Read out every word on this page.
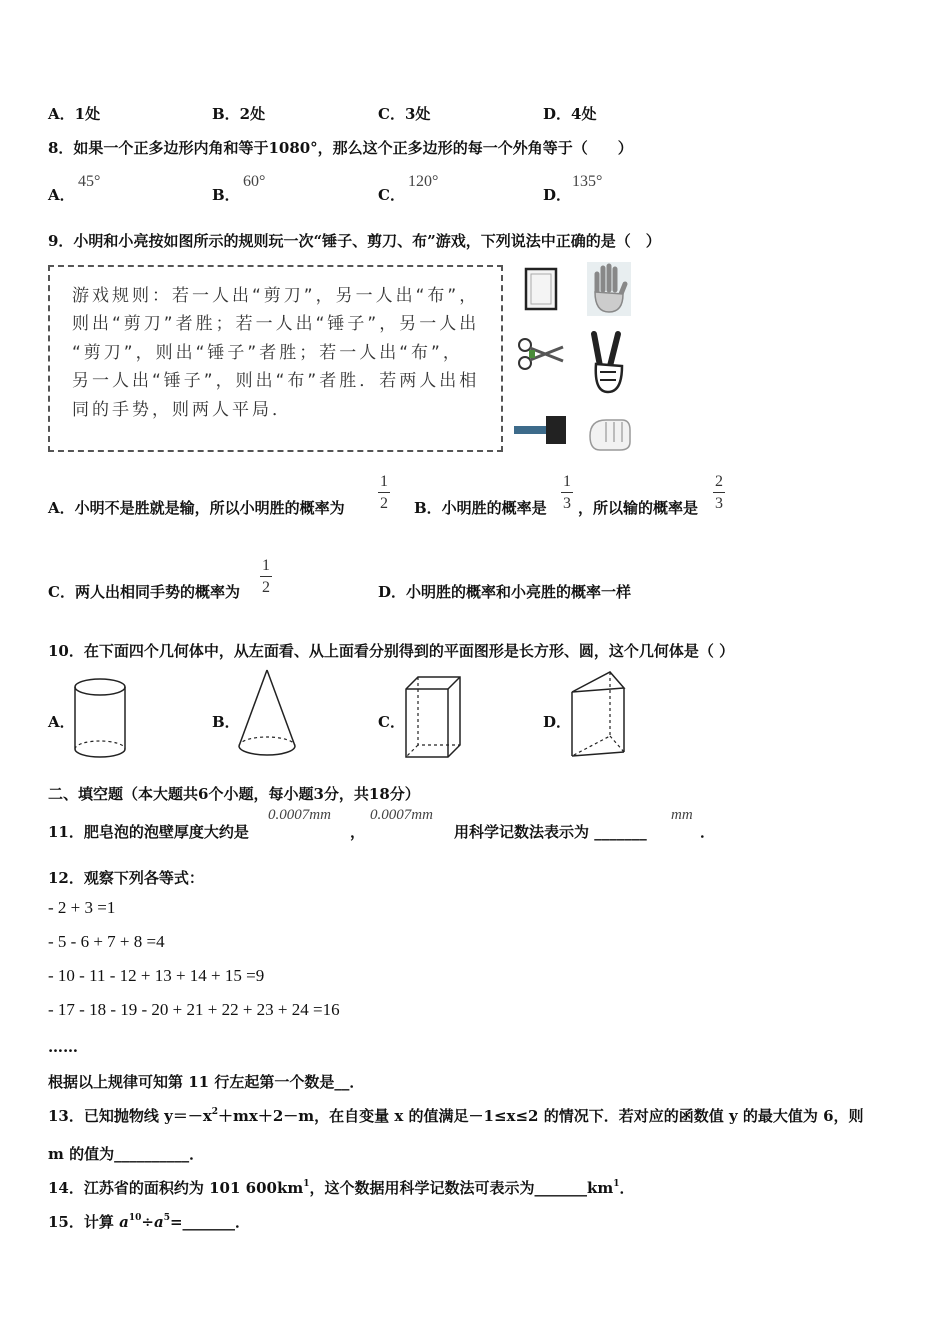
A．1处	B．2处	C．3处	D．4处
8．如果一个正多边形内角和等于1080°，那么这个正多边形的每一个外角等于（　　）
A．
45°
B．
60°
C．
120°
D．
135°
9．小明和小亮按如图所示的规则玩一次“锤子、剪刀、布”游戏，下列说法中正确的是（　）
游戏规则：若一人出“剪刀”，另一人出“布”，
则出“剪刀”者胜；若一人出“锤子”，另一人出
“剪刀”，则出“锤子”者胜；若一人出“布”，
另一人出“锤子”，则出“布”者胜．若两人出相
同的手势，则两人平局．
A．小明不是胜就是输，所以小明胜的概率为
1
2 B．小明胜的概率是
1
3 ，所以输的概率是
2
3
C．两人出相同手势的概率为
1
2	D．小明胜的概率和小亮胜的概率一样
10．在下面四个几何体中，从左面看、从上面看分别得到的平面图形是长方形、圆，这个几何体是（ ）
A．	B．	C．	D．
二、填空题（本大题共6个小题，每小题3分，共18分）
11．肥皂泡的泡壁厚度大约是
0.0007mm
，
0.0007mm
用科学记数法表示为 _______
mm
．
12．观察下列各等式：
- 2 + 3 =1
- 5 - 6 + 7 + 8 =4
- 10 - 11 - 12 + 13 + 14 + 15 =9
- 17 - 18 - 19 - 20 + 21 + 22 + 23 + 24 =16
……
根据以上规律可知第 11 行左起第一个数是__．
13．已知抛物线 $y=-x^2+mx+2-m$，在自变量 x 的值满足－1≤x≤2 的情况下．若对应的函数值 y 的最大值为 6，则
m 的值为__________．
14．江苏省的面积约为 101 $600km^1$，这个数据用科学记数法可表示为$\_\_\_\_\_\_\_km^1$．
15．计算 $a^{10}\div a^5=\_\_\_\_\_\_\_$．
